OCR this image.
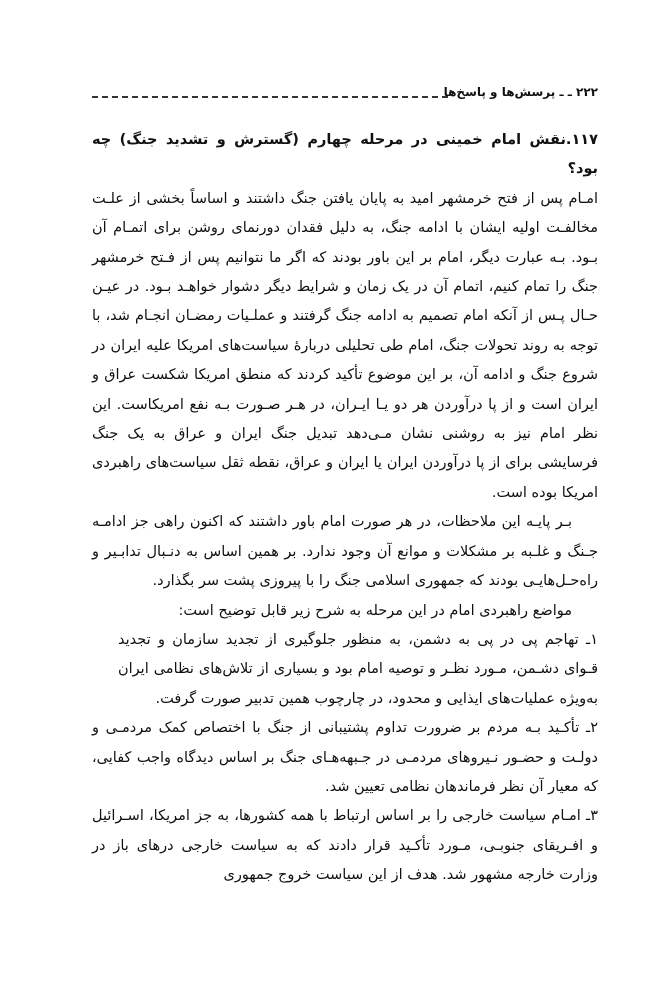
۲۲۲ ـ ـ پرسش‌ها و پاسخ‌ها

۱۱۷.نقش امام خمینی در مرحله چهارم (گسترش و تشدید جنگ) چه بود؟

امـام پس از فتح خرمشهر امید به پایان یافتن جنگ داشتند و اساساً بخشی از علـت مخالفـت اولیه ایشان با ادامه جنگ، به دلیل فقدان دورنمای روشن برای اتمـام آن بـود. بـه عبارت دیگر، امام بر این باور بودند که اگر ما نتوانیم پس از فـتح خرمشهر جنگ را تمام کنیم، اتمام آن در یک زمان و شرایط دیگر دشوار خواهـد بـود. در عیـن حـال پـس از آنکه امام تصمیم به ادامه جنگ گرفتند و عملـیات رمضـان انجـام شد، با توجه به روند تحولات جنگ، امام طی تحلیلی دربارهٔ سیاست‌های امریکا علیه ایران در شروع جنگ و ادامه آن، بر این موضوع تأکید کردند که منطق امریکا شکست عراق و ایران است و از پا درآوردن هر دو یـا ایـران، در هـر صـورت بـه نفع امریکاست. این نظر امام نیز به روشنی نشان مـی‌دهد تبدیل جنگ ایران و عراق به یک جنگ فرسایشی برای از پا درآوردن ایران یا ایران و عراق، نقطه ثقل سیاست‌های راهبردی امریکا بوده است.

بـر پایـه این ملاحظات، در هر صورت امام باور داشتند که اکنون راهی جز ادامـه جـنگ و غلـبه بر مشکلات و موانع آن وجود ندارد. بر همین اساس به دنـبال تدابـیر و راه‌حـل‌هایـی بودند که جمهوری اسلامی جنگ را با پیروزی پشت سر بگذارد.

مواضع راهبردی امام در این مرحله به شرح زیر قابل توضیح است:

۱ـ تهاجم پی در پی به دشمن، به منظور جلوگیری از تجدید سازمان و تجدید قـوای دشـمن، مـورد نظـر و توصیه امام بود و بسیاری از تلاش‌های نظامی ایران به‌ویژه عملیات‌های ایذایی و محدود، در چارچوب همین تدبیر صورت گرفت.

۲ـ تأکـید بـه مردم بر ضرورت تداوم پشتیبانی از جنگ با اختصاص کمک مردمـی و دولـت و حضـور نـیروهای مردمـی در جـبهه‌هـای جنگ بر اساس دیدگاه واجب کفایی، که معیار آن نظر فرماندهان نظامی تعیین شد.

۳ـ امـام سیاست خارجی را بر اساس ارتباط با همه کشورها، به جز امریکا، اسـرائیل و افـریقای جنوبـی، مـورد تأکـید قرار دادند که به سیاست خارجی درهای باز در وزارت خارجه مشهور شد. هدف از این سیاست خروج جمهوری
